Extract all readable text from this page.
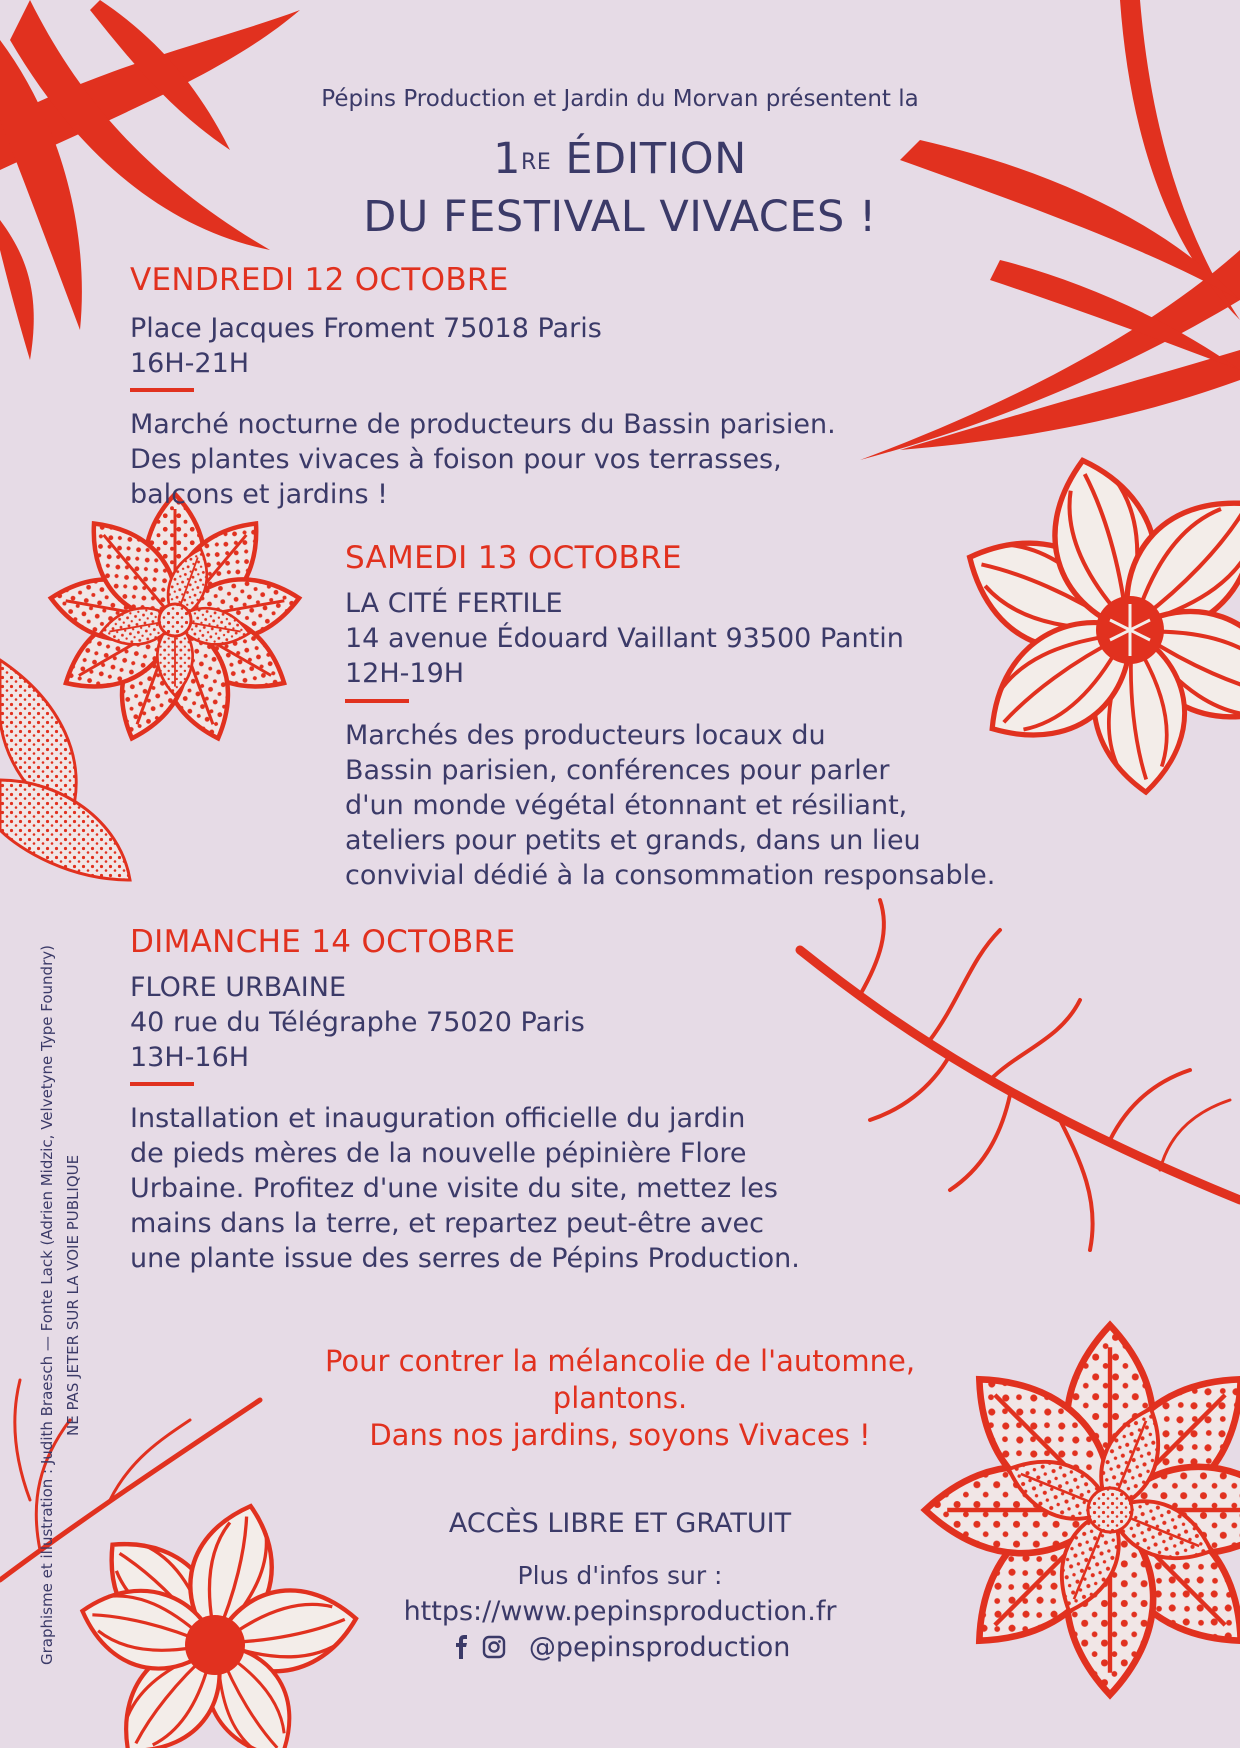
Pépins Production et Jardin du Morvan présentent la
1RE ÉDITION
DU FESTIVAL VIVACES !
VENDREDI 12 OCTOBRE
Place Jacques Froment 75018 Paris
16H-21H
Marché nocturne de producteurs du Bassin parisien.
Des plantes vivaces à foison pour vos terrasses,
balcons et jardins !
SAMEDI 13 OCTOBRE
LA CITÉ FERTILE
14 avenue Édouard Vaillant 93500 Pantin
12H-19H
Marchés des producteurs locaux du
Bassin parisien, conférences pour parler
d'un monde végétal étonnant et résiliant,
ateliers pour petits et grands, dans un lieu
convivial dédié à la consommation responsable.
DIMANCHE 14 OCTOBRE
FLORE URBAINE
40 rue du Télégraphe 75020 Paris
13H-16H
Installation et inauguration officielle du jardin
de pieds mères de la nouvelle pépinière Flore
Urbaine. Profitez d'une visite du site, mettez les
mains dans la terre, et repartez peut-être avec
une plante issue des serres de Pépins Production.
Pour contrer la mélancolie de l'automne,
plantons.
Dans nos jardins, soyons Vivaces !
ACCÈS LIBRE ET GRATUIT
Plus d'infos sur :
https://www.pepinsproduction.fr
@pepinsproduction
Graphisme et illustration : Judith Braesch — Fonte Lack (Adrien Midzic, Velvetyne Type Foundry) NE PAS JETER SUR LA VOIE PUBLIQUE
